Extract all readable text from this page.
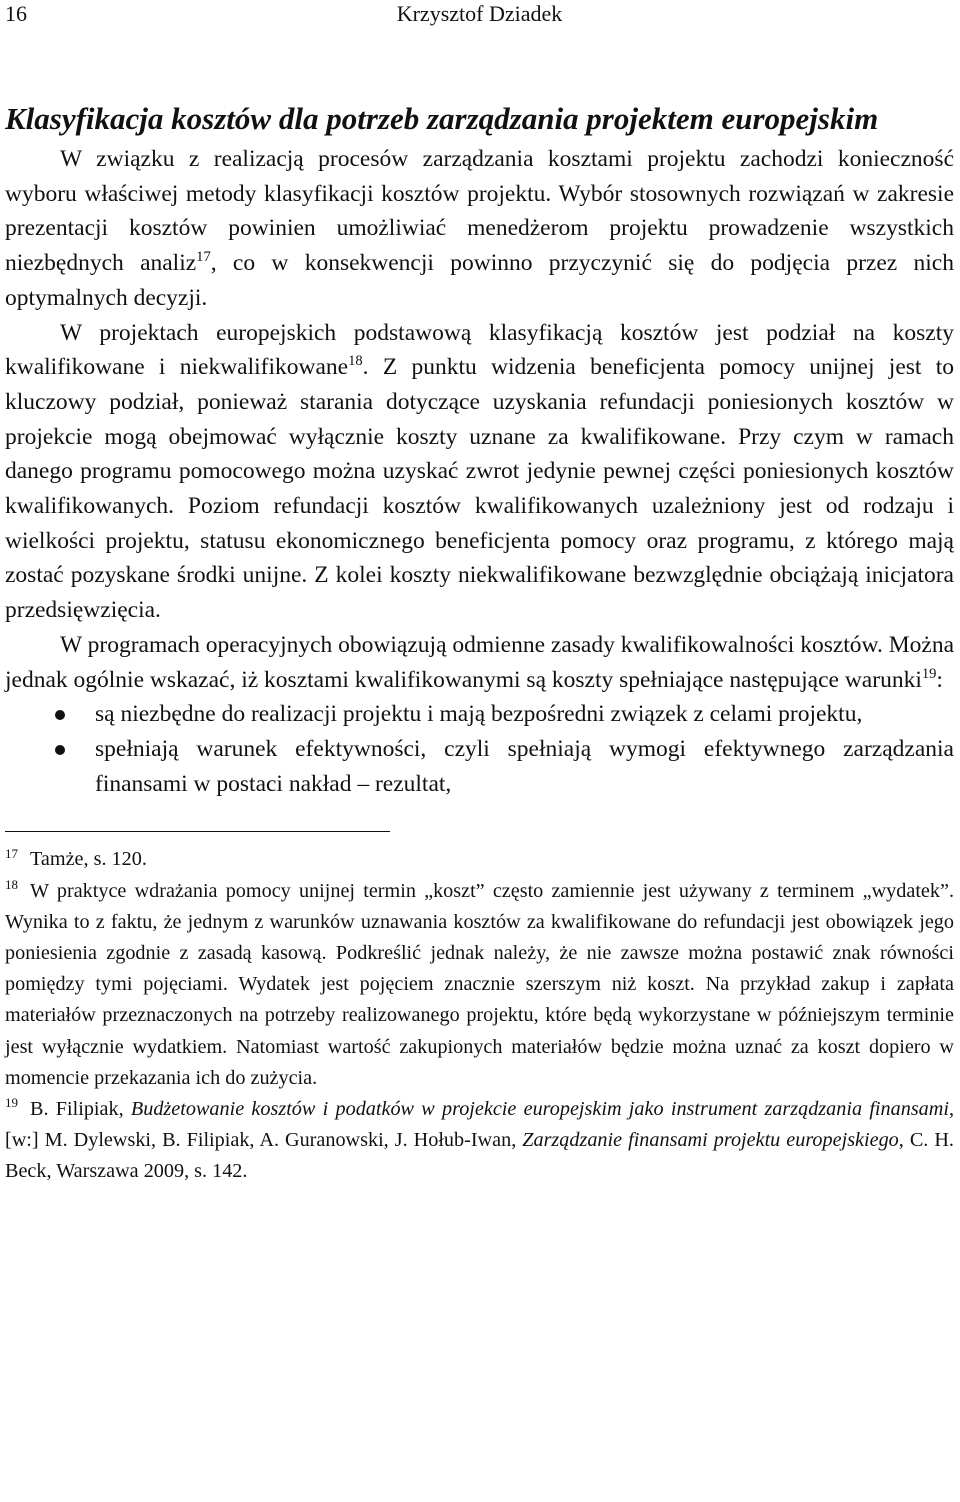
16	Krzysztof Dziadek
Klasyfikacja kosztów dla potrzeb zarządzania projektem europejskim

W związku z realizacją procesów zarządzania kosztami projektu zachodzi konieczność wyboru właściwej metody klasyfikacji kosztów projektu. Wybór stosownych rozwiązań w zakresie prezentacji kosztów powinien umożliwiać menedżerom projektu prowadzenie wszystkich niezbędnych analiz$^{17}$, co w konsekwencji powinno przyczynić się do podjęcia przez nich optymalnych decyzji.

W projektach europejskich podstawową klasyfikacją kosztów jest podział na koszty kwalifikowane i niekwalifikowane$^{18}$. Z punktu widzenia beneficjenta pomocy unijnej jest to kluczowy podział, ponieważ starania dotyczące uzyskania refundacji poniesionych kosztów w projekcie mogą obejmować wyłącznie koszty uznane za kwalifikowane. Przy czym w ramach danego programu pomocowego można uzyskać zwrot jedynie pewnej części poniesionych kosztów kwalifikowanych. Poziom refundacji kosztów kwalifikowanych uzależniony jest od rodzaju i wielkości projektu, statusu ekonomicznego beneficjenta pomocy oraz programu, z którego mają zostać pozyskane środki unijne. Z kolei koszty niekwalifikowane bezwzględnie obciążają inicjatora przedsięwzięcia.

W programach operacyjnych obowiązują odmienne zasady kwalifikowalności kosztów. Można jednak ogólnie wskazać, iż kosztami kwalifikowanymi są koszty spełniające następujące warunki$^{19}$:

są niezbędne do realizacji projektu i mają bezpośredni związek z celami projektu,
spełniają warunek efektywności, czyli spełniają wymogi efektywnego zarządzania finansami w postaci nakład – rezultat,

$^{17}$ Tamże, s. 120.

$^{18}$ W praktyce wdrażania pomocy unijnej termin „koszt” często zamiennie jest używany z terminem „wydatek”. Wynika to z faktu, że jednym z warunków uznawania kosztów za kwalifikowane do refundacji jest obowiązek jego poniesienia zgodnie z zasadą kasową. Podkreślić jednak należy, że nie zawsze można postawić znak równości pomiędzy tymi pojęciami. Wydatek jest pojęciem znacznie szerszym niż koszt. Na przykład zakup i zapłata materiałów przeznaczonych na potrzeby realizowanego projektu, które będą wykorzystane w późniejszym terminie jest wyłącznie wydatkiem. Natomiast wartość zakupionych materiałów będzie można uznać za koszt dopiero w momencie przekazania ich do zużycia.

$^{19}$ B. Filipiak, Budżetowanie kosztów i podatków w projekcie europejskim jako instrument zarządzania finansami, [w:] M. Dylewski, B. Filipiak, A. Guranowski, J. Hołub-Iwan, Zarządzanie finansami projektu europejskiego, C. H. Beck, Warszawa 2009, s. 142.
